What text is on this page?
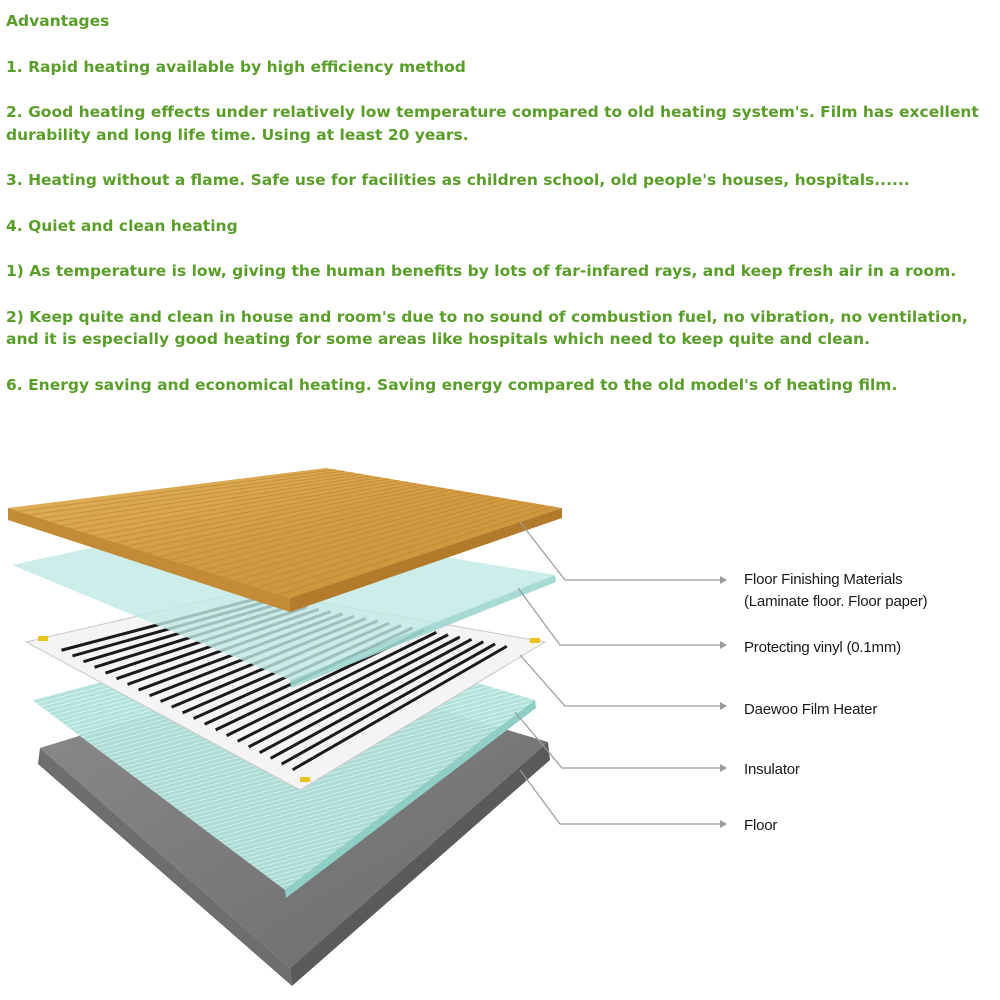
Advantages

1. Rapid heating available by high efficiency method

2. Good heating effects under relatively low temperature compared to old heating system's. Film has excellent durability and long life time. Using at least 20 years.

3. Heating without a flame. Safe use for facilities as children school, old people's houses, hospitals......

4. Quiet and clean heating

1) As temperature is low, giving the human benefits by lots of far-infared rays, and keep fresh air in a room.

2) Keep quite and clean in house and room's due to no sound of combustion fuel, no vibration, no ventilation, and it is especially good heating for some areas like hospitals which need to keep quite and clean.

6. Energy saving and economical heating. Saving energy compared to the old model's of heating film.

Floor Finishing Materials
(Laminate floor. Floor paper)
Protecting vinyl (0.1mm)
Daewoo Film Heater
Insulator
Floor
